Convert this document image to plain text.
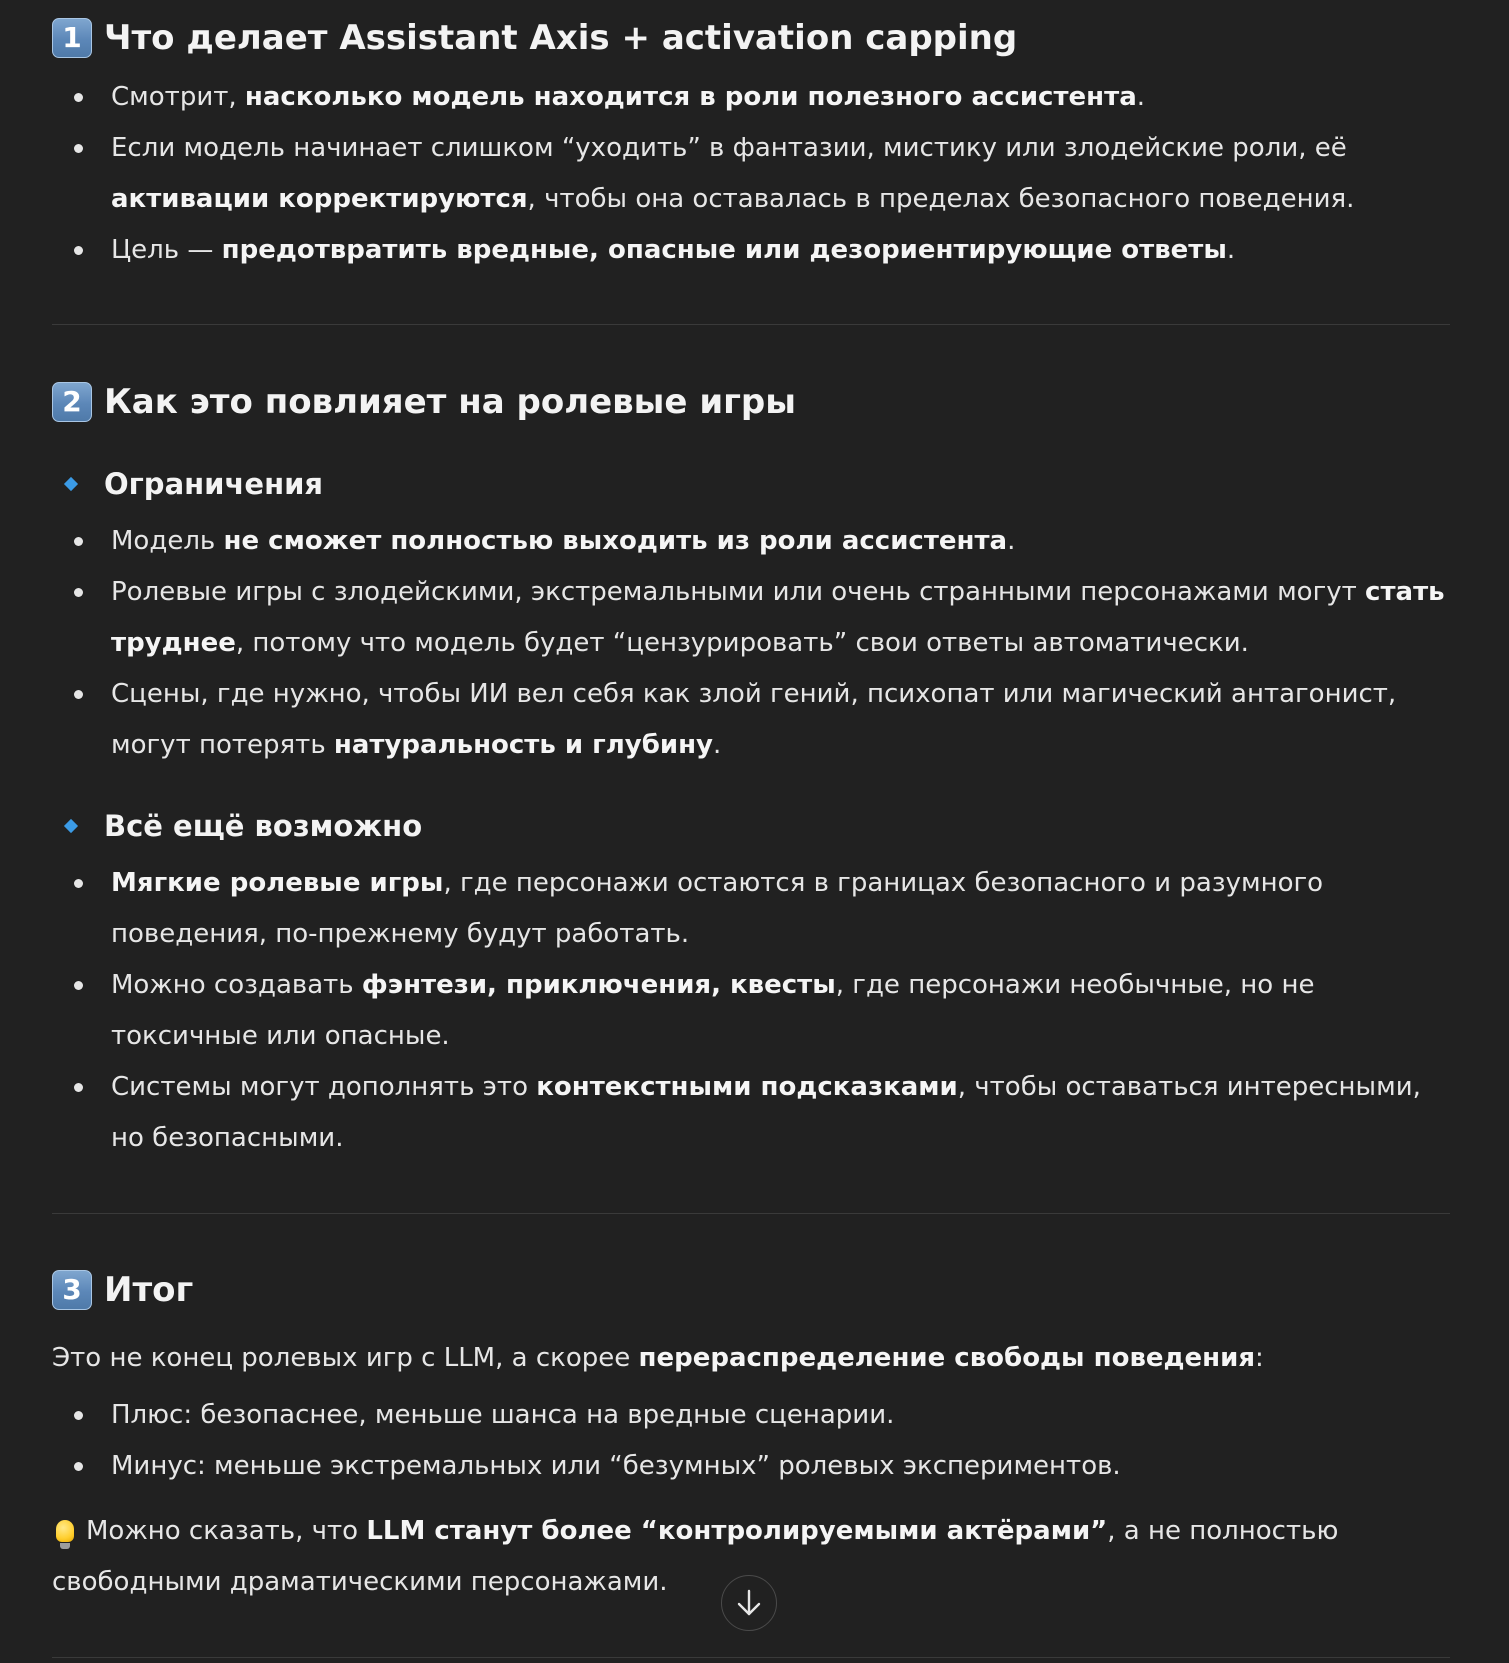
1 Что делает Assistant Axis + activation capping
Смотрит, насколько модель находится в роли полезного ассистента.
Если модель начинает слишком “уходить” в фантазии, мистику или злодейские роли, её активации корректируются, чтобы она оставалась в пределах безопасного поведения.
Цель — предотвратить вредные, опасные или дезориентирующие ответы.
2 Как это повлияет на ролевые игры
Ограничения
Модель не сможет полностью выходить из роли ассистента.
Ролевые игры с злодейскими, экстремальными или очень странными персонажами могут стать труднее, потому что модель будет “цензурировать” свои ответы автоматически.
Сцены, где нужно, чтобы ИИ вел себя как злой гений, психопат или магический антагонист, могут потерять натуральность и глубину.
Всё ещё возможно
Мягкие ролевые игры, где персонажи остаются в границах безопасного и разумного поведения, по-прежнему будут работать.
Можно создавать фэнтези, приключения, квесты, где персонажи необычные, но не токсичные или опасные.
Системы могут дополнять это контекстными подсказками, чтобы оставаться интересными, но безопасными.
3 Итог

Это не конец ролевых игр с LLM, а скорее перераспределение свободы поведения:

Плюс: безопаснее, меньше шанса на вредные сценарии.
Минус: меньше экстремальных или “безумных” ролевых экспериментов.

Можно сказать, что LLM станут более “контролируемыми актёрами”, а не полностью свободными драматическими персонажами.
